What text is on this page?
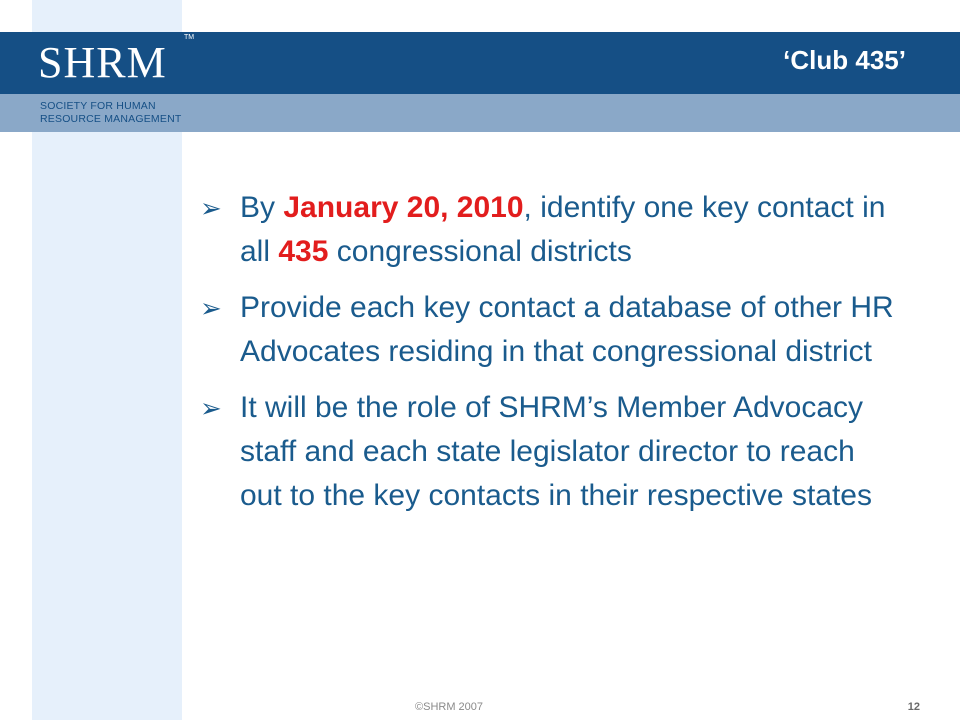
SHRM
TM
SOCIETY FOR HUMAN
RESOURCE MANAGEMENT
‘Club 435’
➢ By January 20, 2010, identify one key contact in all 435 congressional districts
➢ Provide each key contact a database of other HR Advocates residing in that congressional district
➢ It will be the role of SHRM’s Member Advocacy staff and each state legislator director to reach out to the key contacts in their respective states
©SHRM 2007	12
